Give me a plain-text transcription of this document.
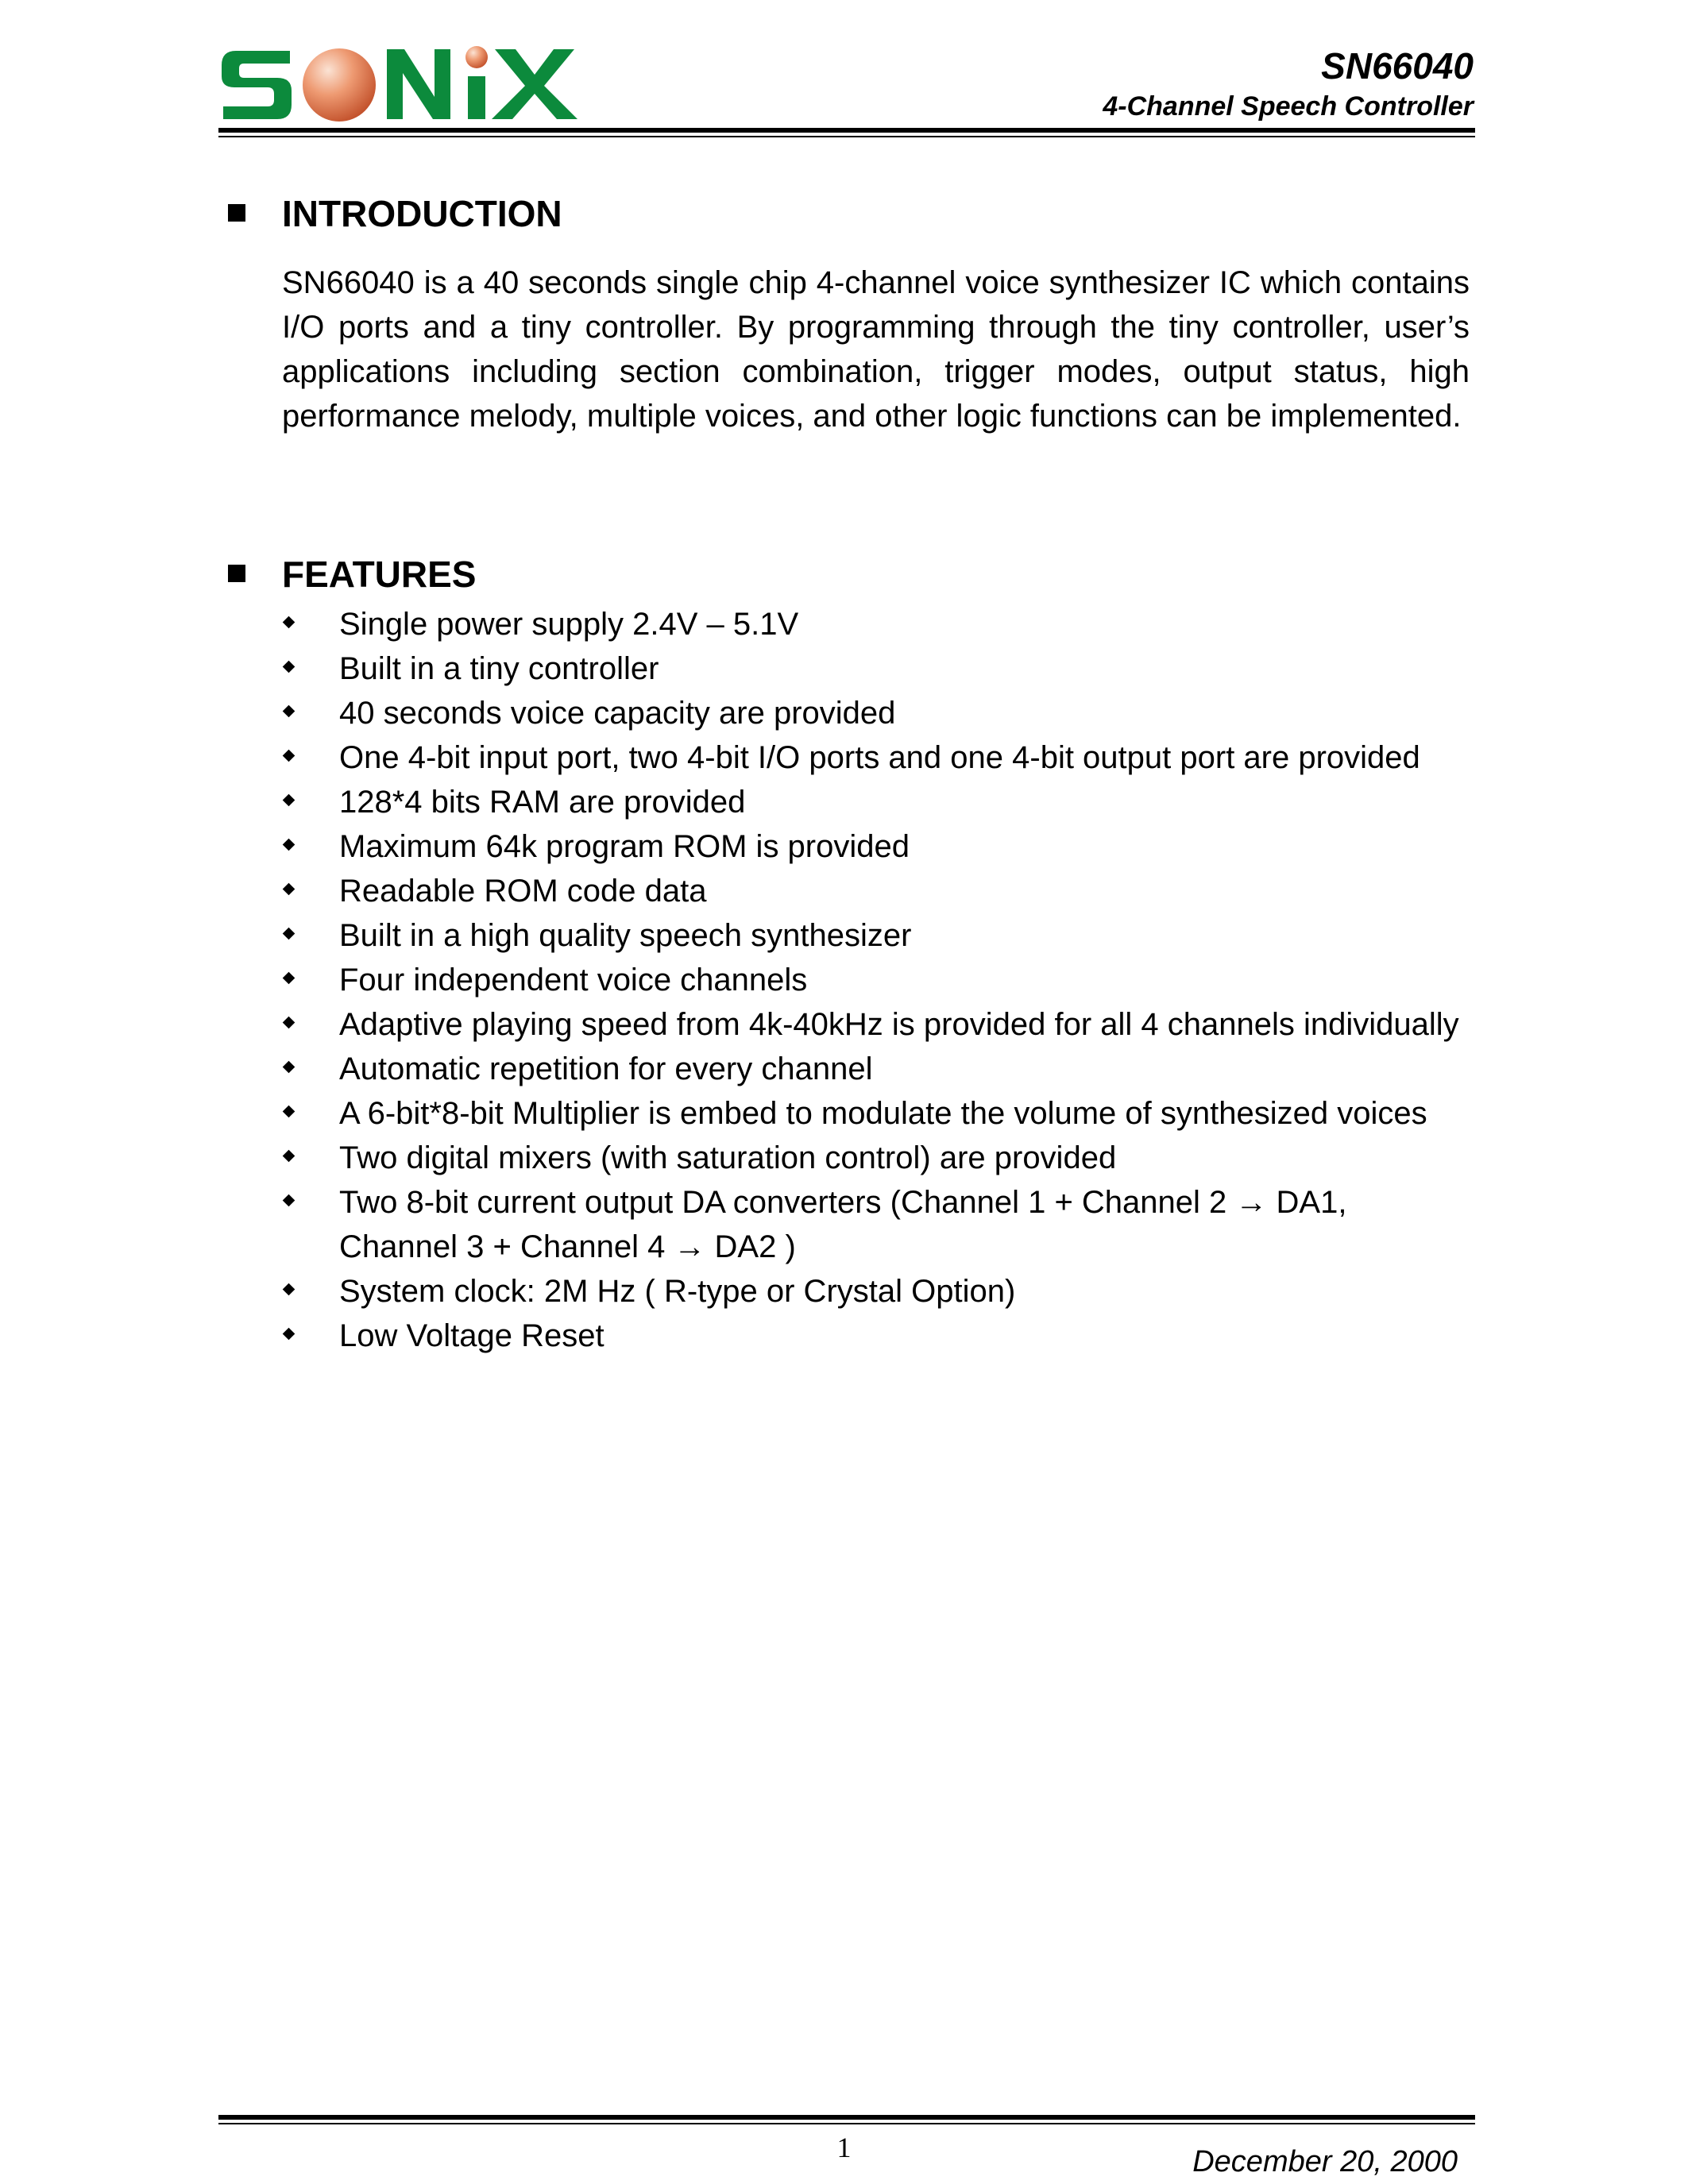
SN66040
4-Channel Speech Controller
INTRODUCTION
SN66040 is a 40 seconds single chip 4-channel voice synthesizer IC which contains I/O ports and a tiny controller. By programming through the tiny controller, user’s applications including section combination, trigger modes, output status, high performance melody, multiple voices, and other logic functions can be implemented.
FEATURES
Single power supply 2.4V – 5.1V
Built in a tiny controller
40 seconds voice capacity are provided
One 4-bit input port, two 4-bit I/O ports and one 4-bit output port are provided
128*4 bits RAM are provided
Maximum 64k program ROM is provided
Readable ROM code data
Built in a high quality speech synthesizer
Four independent voice channels
Adaptive playing speed from 4k-40kHz is provided for all 4 channels individually
Automatic repetition for every channel
A 6-bit*8-bit Multiplier is embed to modulate the volume of synthesized voices
Two digital mixers (with saturation control) are provided
Two 8-bit current output DA converters (Channel 1 + Channel 2 → DA1, Channel 3 + Channel 4 → DA2 )
System clock: 2M Hz ( R-type or Crystal Option)
Low Voltage Reset
1	December 20, 2000
